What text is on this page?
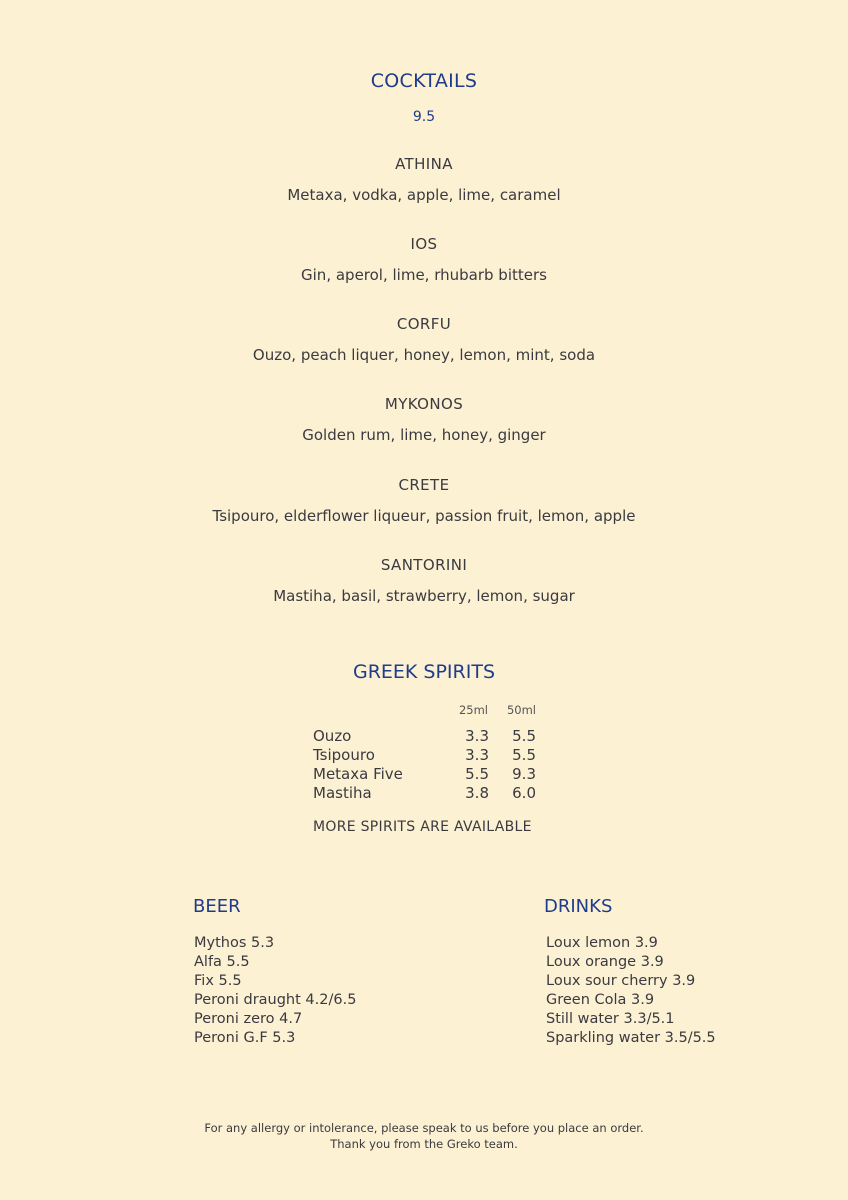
COCKTAILS
9.5
ATHINA
Metaxa, vodka, apple, lime, caramel
IOS
Gin, aperol, lime, rhubarb bitters
CORFU
Ouzo, peach liquer, honey, lemon, mint, soda
MYKONOS
Golden rum, lime, honey, ginger
CRETE
Tsipouro, elderflower liqueur, passion fruit, lemon, apple
SANTORINI
Mastiha, basil, strawberry, lemon, sugar
GREEK SPIRITS
25ml 50ml
Ouzo	3.3 5.5
Tsipouro	3.3 5.5
Metaxa Five	5.5 9.3
Mastiha	3.8 6.0
MORE SPIRITS ARE AVAILABLE
BEER	DRINKS
Mythos 5.3
Alfa 5.5
Fix 5.5
Peroni draught 4.2/6.5
Peroni zero 4.7
Peroni G.F 5.3
Loux lemon 3.9
Loux orange 3.9
Loux sour cherry 3.9
Green Cola 3.9
Still water 3.3/5.1
Sparkling water 3.5/5.5
For any allergy or intolerance, please speak to us before you place an order.
Thank you from the Greko team.
